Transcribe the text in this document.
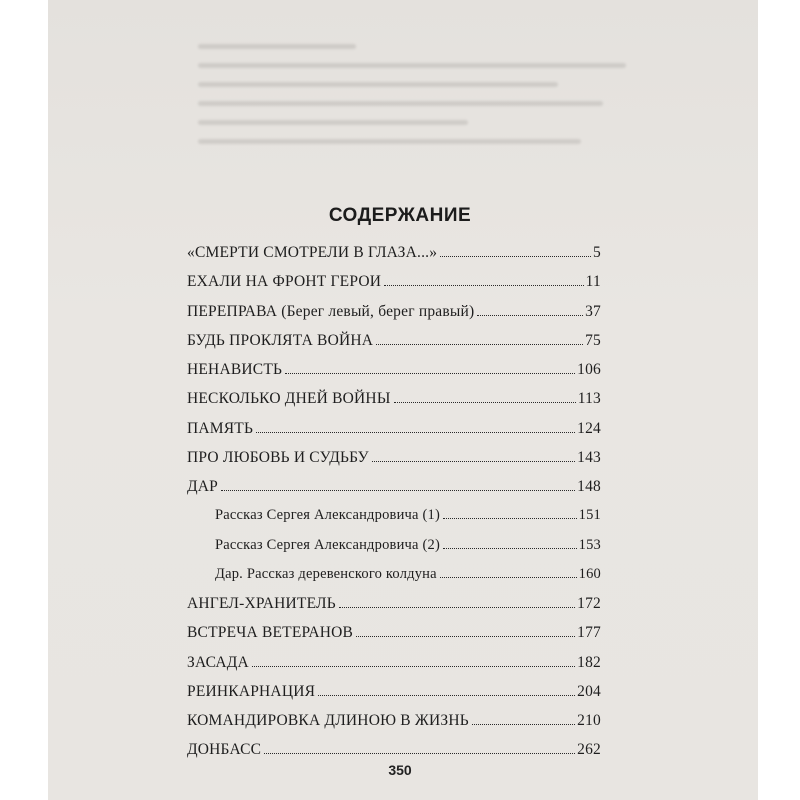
СОДЕРЖАНИЕ
«СМЕРТИ СМОТРЕЛИ В ГЛАЗА...»	5
ЕХАЛИ НА ФРОНТ ГЕРОИ	11
ПЕРЕПРАВА (Берег левый, берег правый)	37
БУДЬ ПРОКЛЯТА ВОЙНА	75
НЕНАВИСТЬ	106
НЕСКОЛЬКО ДНЕЙ ВОЙНЫ	113
ПАМЯТЬ	124
ПРО ЛЮБОВЬ И СУДЬБУ	143
ДАР	148
Рассказ Сергея Александровича (1)	151
Рассказ Сергея Александровича (2)	153
Дар. Рассказ деревенского колдуна	160
АНГЕЛ-ХРАНИТЕЛЬ	172
ВСТРЕЧА ВЕТЕРАНОВ	177
ЗАСАДА	182
РЕИНКАРНАЦИЯ	204
КОМАНДИРОВКА ДЛИНОЮ В ЖИЗНЬ	210
ДОНБАСС	262
350
